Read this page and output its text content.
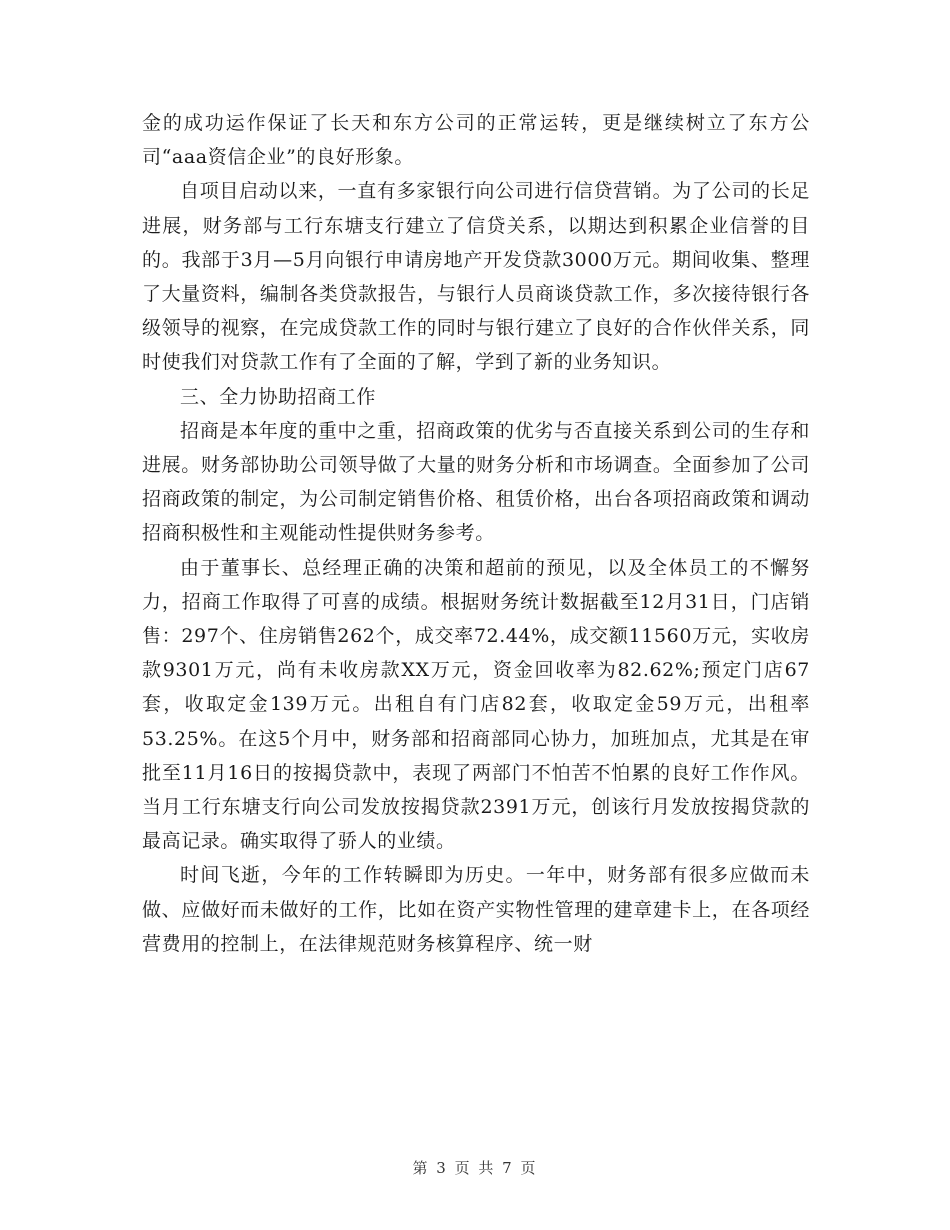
金的成功运作保证了长天和东方公司的正常运转，更是继续树立了东方公司“aaa资信企业”的良好形象。

自项目启动以来，一直有多家银行向公司进行信贷营销。为了公司的长足进展，财务部与工行东塘支行建立了信贷关系，以期达到积累企业信誉的目的。我部于3月—5月向银行申请房地产开发贷款3000万元。期间收集、整理了大量资料，编制各类贷款报告，与银行人员商谈贷款工作，多次接待银行各级领导的视察，在完成贷款工作的同时与银行建立了良好的合作伙伴关系，同时使我们对贷款工作有了全面的了解，学到了新的业务知识。

三、全力协助招商工作

招商是本年度的重中之重，招商政策的优劣与否直接关系到公司的生存和进展。财务部协助公司领导做了大量的财务分析和市场调查。全面参加了公司招商政策的制定，为公司制定销售价格、租赁价格，出台各项招商政策和调动招商积极性和主观能动性提供财务参考。

由于董事长、总经理正确的决策和超前的预见，以及全体员工的不懈努力，招商工作取得了可喜的成绩。根据财务统计数据截至12月31日，门店销售：297个、住房销售262个，成交率72.44%，成交额11560万元，实收房款9301万元，尚有未收房款XX万元，资金回收率为82.62%;预定门店67套，收取定金139万元。出租自有门店82套，收取定金59万元，出租率53.25%。在这5个月中，财务部和招商部同心协力，加班加点，尤其是在审批至11月16日的按揭贷款中，表现了两部门不怕苦不怕累的良好工作作风。当月工行东塘支行向公司发放按揭贷款2391万元，创该行月发放按揭贷款的最高记录。确实取得了骄人的业绩。

时间飞逝，今年的工作转瞬即为历史。一年中，财务部有很多应做而未做、应做好而未做好的工作，比如在资产实物性管理的建章建卡上，在各项经营费用的控制上，在法律规范财务核算程序、统一财

第 3 页 共 7 页
